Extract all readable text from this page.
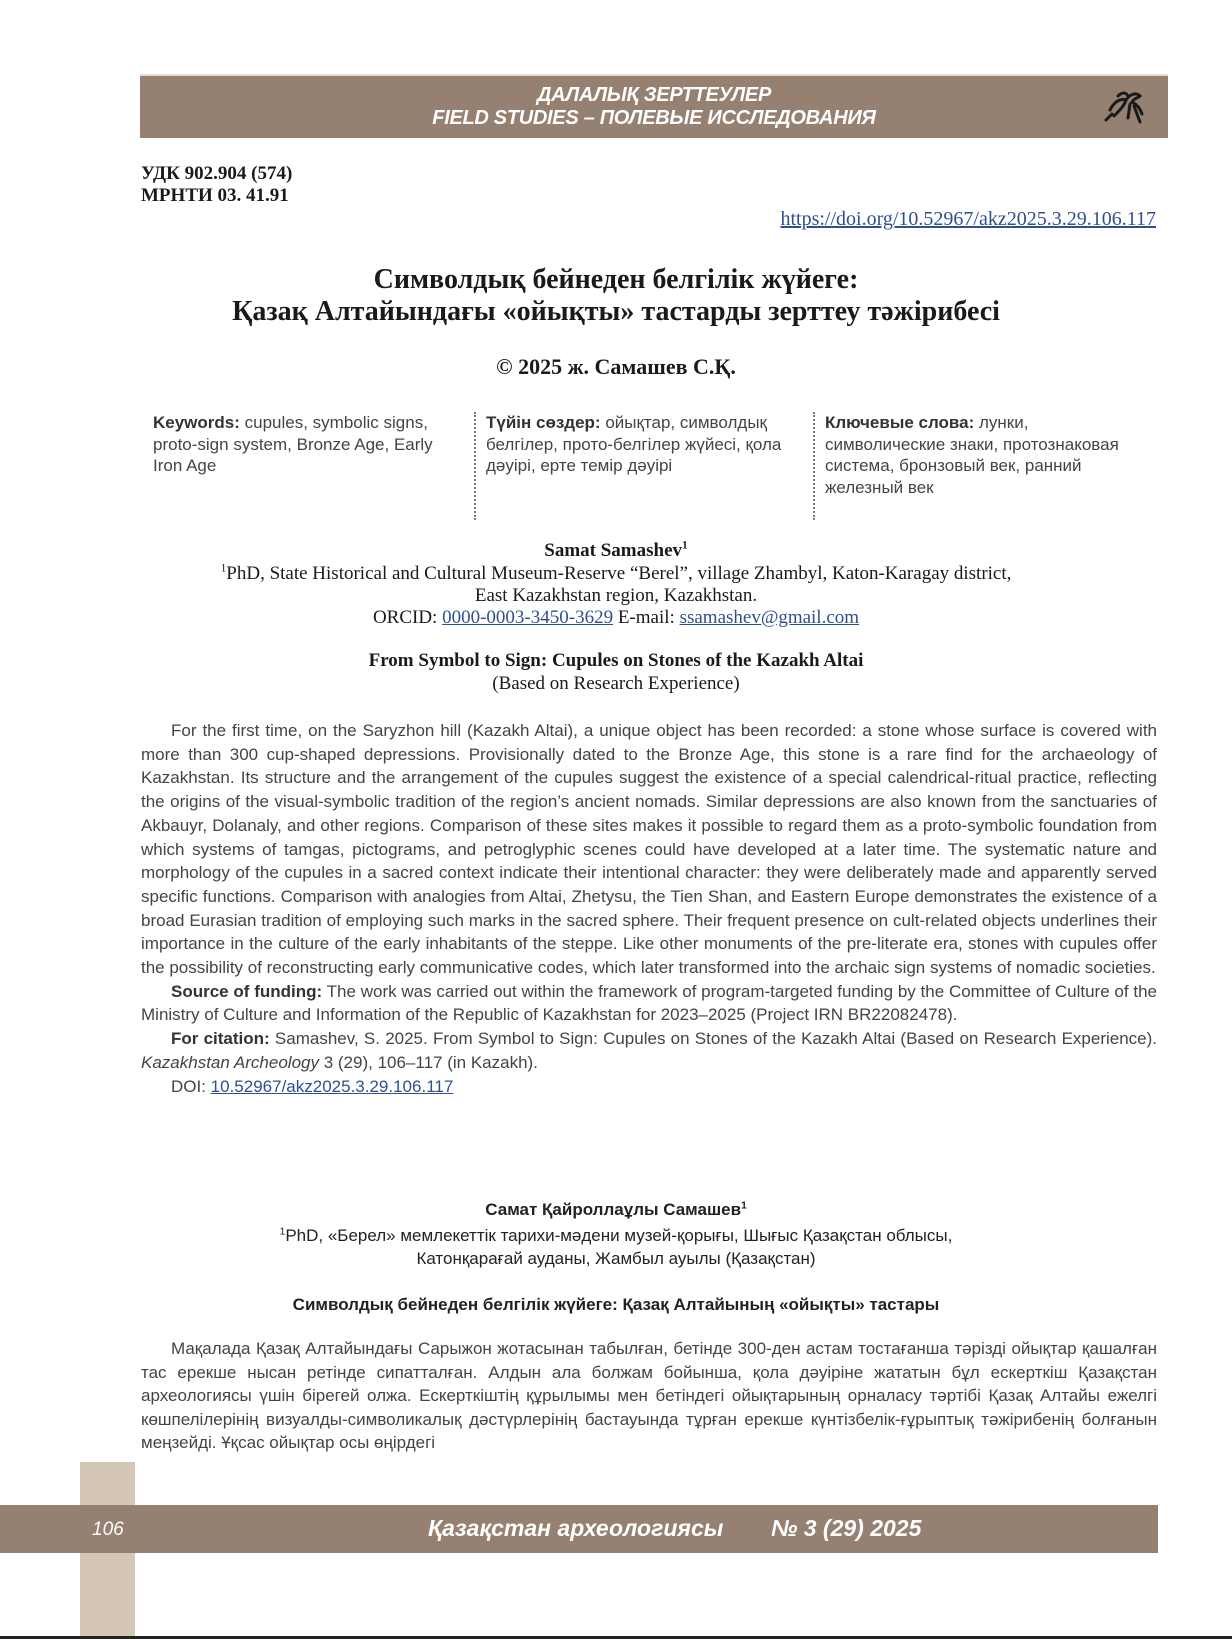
ДАЛАЛЫҚ ЗЕРТТЕУЛЕР
FIELD STUDIES – ПОЛЕВЫЕ ИССЛЕДОВАНИЯ
УДК 902.904 (574)
МРНТИ 03. 41.91
https://doi.org/10.52967/akz2025.3.29.106.117
Символдық бейнеден белгілік жүйеге:
Қазақ Алтайындағы «ойықты» тастарды зерттеу тәжірибесі
© 2025 ж. Самашев С.Қ.
Keywords: cupules, symbolic signs, proto-sign system, Bronze Age, Early Iron Age
Түйін сөздер: ойықтар, символдық белгілер, прото-белгілер жүйесі, қола дәуірі, ерте темір дәуірі
Ключевые слова: лунки, символические знаки, протознаковая система, бронзовый век, ранний железный век
Samat Samashev$^1$
$^1$PhD, State Historical and Cultural Museum-Reserve “Berel”, village Zhambyl, Katon-Karagay district,
East Kazakhstan region, Kazakhstan.
ORCID: 0000-0003-3450-3629 E-mail: ssamashev@gmail.com
From Symbol to Sign: Cupules on Stones of the Kazakh Altai
(Based on Research Experience)

For the first time, on the Saryzhon hill (Kazakh Altai), a unique object has been recorded: a stone whose surface is covered with more than 300 cup-shaped depressions. Provisionally dated to the Bronze Age, this stone is a rare find for the archaeology of Kazakhstan. Its structure and the arrangement of the cupules suggest the existence of a special calendrical-ritual practice, reflecting the origins of the visual-symbolic tradition of the region’s ancient nomads. Similar depressions are also known from the sanctuaries of Akbauyr, Dolanaly, and other regions. Comparison of these sites makes it possible to regard them as a proto-symbolic foundation from which systems of tamgas, pictograms, and petroglyphic scenes could have developed at a later time. The systematic nature and morphology of the cupules in a sacred context indicate their intentional character: they were deliberately made and apparently served specific functions. Comparison with analogies from Altai, Zhetysu, the Tien Shan, and Eastern Europe demonstrates the existence of a broad Eurasian tradition of employing such marks in the sacred sphere. Their frequent presence on cult-related objects underlines their importance in the culture of the early inhabitants of the steppe. Like other monuments of the pre-literate era, stones with cupules offer the possibility of reconstructing early communicative codes, which later transformed into the archaic sign systems of nomadic societies.

Source of funding: The work was carried out within the framework of program-targeted funding by the Committee of Culture of the Ministry of Culture and Information of the Republic of Kazakhstan for 2023–2025 (Project IRN BR22082478).

For citation: Samashev, S. 2025. From Symbol to Sign: Cupules on Stones of the Kazakh Altai (Based on Research Experience). Kazakhstan Archeology 3 (29), 106–117 (in Kazakh).

DOI: 10.52967/akz2025.3.29.106.117

Самат Қайроллаұлы Самашев$^1$
$^1$PhD, «Берел» мемлекеттік тарихи-мәдени музей-қорығы, Шығыс Қазақстан облысы,
Катонқарағай ауданы, Жамбыл ауылы (Қазақстан)
Символдық бейнеден белгілік жүйеге: Қазақ Алтайының «ойықты» тастары

Мақалада Қазақ Алтайындағы Сарыжон жотасынан табылған, бетінде 300-ден астам тостағанша тәрізді ойықтар қашалған тас ерекше нысан ретінде сипатталған. Алдын ала болжам бойынша, қола дәуіріне жататын бұл ескерткіш Қазақстан археологиясы үшін бірегей олжа. Ескерткіштің құрылымы мен бетіндегі ойықтарының орналасу тәртібі Қазақ Алтайы ежелгі көшпелілерінің визуалды-символикалық дәстүрлерінің бастауында тұрған ерекше күнтізбелік-ғұрыптық тәжірибенің болғанын меңзейді. Ұқсас ойықтар осы өңірдегі

106	Қазақстан археологиясы № 3 (29) 2025
